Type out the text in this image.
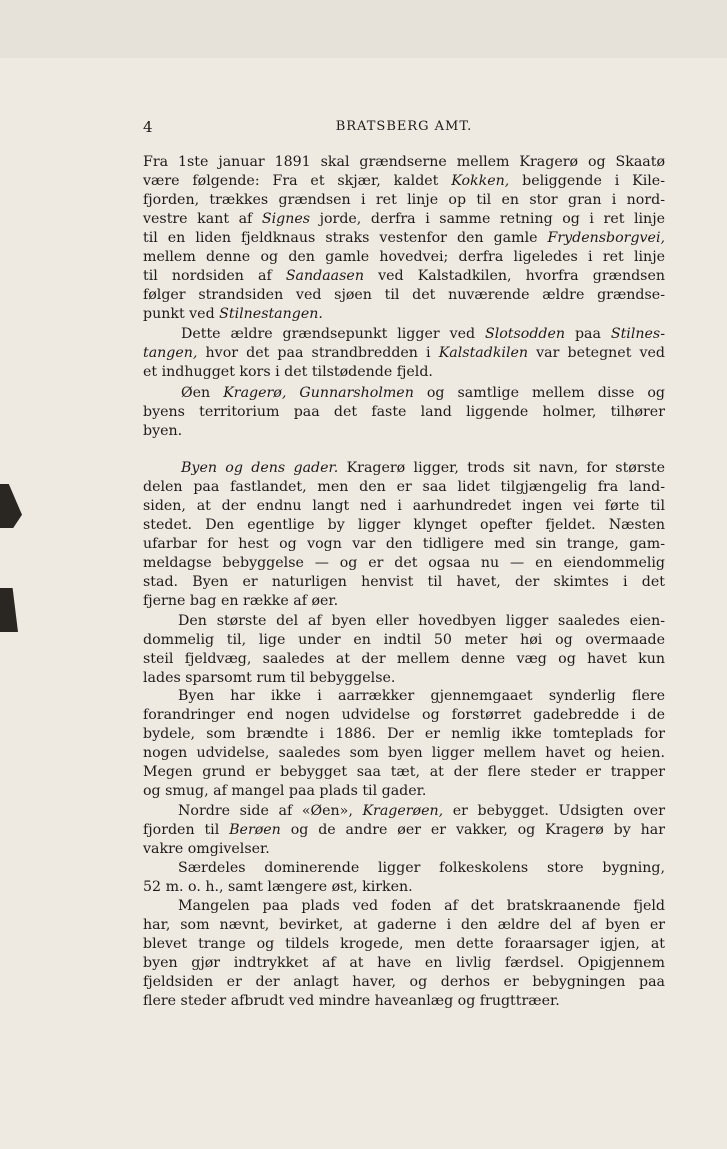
4	BRATSBERG AMT.
Fra 1ste januar 1891 skal grændserne mellem Kragerø og Skaatø
være følgende: Fra et skjær, kaldet Kokken, beliggende i Kile-
fjorden, trækkes grændsen i ret linje op til en stor gran i nord-
vestre kant af Signes jorde, derfra i samme retning og i ret linje
til en liden fjeldknaus straks vestenfor den gamle Frydensborgvei,
mellem denne og den gamle hovedvei; derfra ligeledes i ret linje
til nordsiden af Sandaasen ved Kalstadkilen, hvorfra grændsen
følger strandsiden ved sjøen til det nuværende ældre grændse-
punkt ved Stilnestangen.
Dette ældre grændsepunkt ligger ved Slotsodden paa Stilnes-
tangen, hvor det paa strandbredden i Kalstadkilen var betegnet ved
et indhugget kors i det tilstødende fjeld.
Øen Kragerø, Gunnarsholmen og samtlige mellem disse og
byens territorium paa det faste land liggende holmer, tilhører
byen.
Byen og dens gader. Kragerø ligger, trods sit navn, for største
delen paa fastlandet, men den er saa lidet tilgjængelig fra land-
siden, at der endnu langt ned i aarhundredet ingen vei førte til
stedet. Den egentlige by ligger klynget opefter fjeldet. Næsten
ufarbar for hest og vogn var den tidligere med sin trange, gam-
meldagse bebyggelse — og er det ogsaa nu — en eiendommelig
stad. Byen er naturligen henvist til havet, der skimtes i det
fjerne bag en række af øer.
Den største del af byen eller hovedbyen ligger saaledes eien-
dommelig til, lige under en indtil 50 meter høi og overmaade
steil fjeldvæg, saaledes at der mellem denne væg og havet kun
lades sparsomt rum til bebyggelse.
Byen har ikke i aarrækker gjennemgaaet synderlig flere
forandringer end nogen udvidelse og forstørret gadebredde i de
bydele, som brændte i 1886. Der er nemlig ikke tomteplads for
nogen udvidelse, saaledes som byen ligger mellem havet og heien.
Megen grund er bebygget saa tæt, at der flere steder er trapper
og smug, af mangel paa plads til gader.
Nordre side af «Øen», Kragerøen, er bebygget. Udsigten over
fjorden til Berøen og de andre øer er vakker, og Kragerø by har
vakre omgivelser.
Særdeles dominerende ligger folkeskolens store bygning,
52 m. o. h., samt længere øst, kirken.
Mangelen paa plads ved foden af det bratskraanende fjeld
har, som nævnt, bevirket, at gaderne i den ældre del af byen er
blevet trange og tildels krogede, men dette foraarsager igjen, at
byen gjør indtrykket af at have en livlig færdsel. Opigjennem
fjeldsiden er der anlagt haver, og derhos er bebygningen paa
flere steder afbrudt ved mindre haveanlæg og frugttræer.
